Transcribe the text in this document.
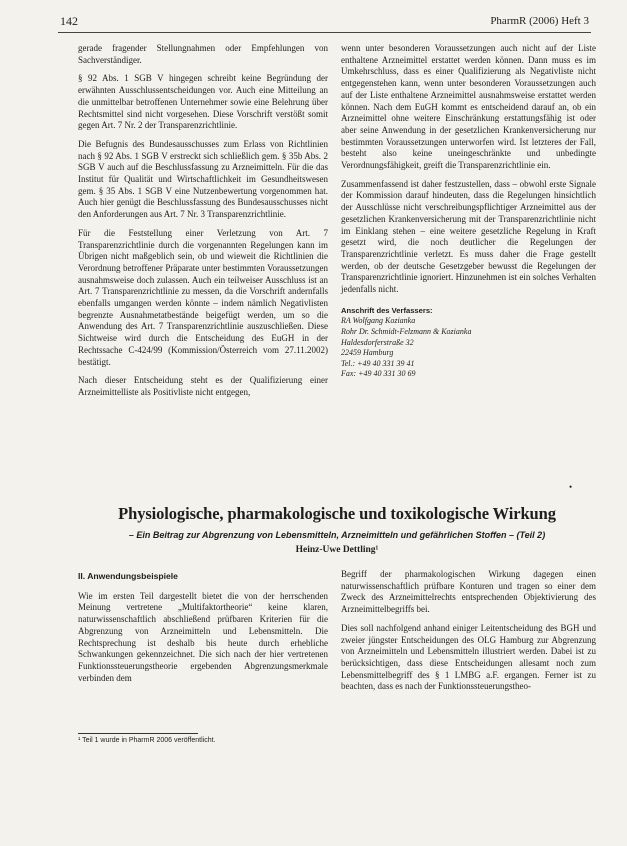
142	PharmR (2006) Heft 3

gerade fragender Stellungnahmen oder Empfehlungen von Sachverständiger.

§ 92 Abs. 1 SGB V hingegen schreibt keine Begründung der erwähnten Ausschlussentscheidungen vor. Auch eine Mitteilung an die unmittelbar betroffenen Unternehmer sowie eine Belehrung über Rechtsmittel sind nicht vorgesehen. Diese Vorschrift verstößt somit gegen Art. 7 Nr. 2 der Transparenzrichtlinie.

Die Befugnis des Bundesausschusses zum Erlass von Richtlinien nach § 92 Abs. 1 SGB V erstreckt sich schließlich gem. § 35b Abs. 2 SGB V auch auf die Beschlussfassung zu Arzneimitteln. Für die das Institut für Qualität und Wirtschaftlichkeit im Gesundheitswesen gem. § 35 Abs. 1 SGB V eine Nutzenbewertung vorgenommen hat. Auch hier genügt die Beschlussfassung des Bundesausschusses nicht den Anforderungen aus Art. 7 Nr. 3 Transparenzrichtlinie.

Für die Feststellung einer Verletzung von Art. 7 Transparenzrichtlinie durch die vorgenannten Regelungen kann im Übrigen nicht maßgeblich sein, ob und wieweit die Richtlinien die Verordnung betroffener Präparate unter bestimmten Voraussetzungen ausnahmsweise doch zulassen. Auch ein teilweiser Ausschluss ist an Art. 7 Transparenzrichtlinie zu messen, da die Vorschrift andernfalls ebenfalls umgangen werden könnte – indem nämlich Negativlisten begrenzte Ausnahmetatbestände beigefügt werden, um so die Anwendung des Art. 7 Transparenzrichtlinie auszuschließen. Diese Sichtweise wird durch die Entscheidung des EuGH in der Rechtssache C-424/99 (Kommission/Österreich vom 27.11.2002) bestätigt.

Nach dieser Entscheidung steht es der Qualifizierung einer Arzneimittelliste als Positivliste nicht entgegen,

wenn unter besonderen Voraussetzungen auch nicht auf der Liste enthaltene Arzneimittel erstattet werden können. Dann muss es im Umkehrschluss, dass es einer Qualifizierung als Negativliste nicht entgegenstehen kann, wenn unter besonderen Voraussetzungen auch auf der Liste enthaltene Arzneimittel ausnahmsweise erstattet werden können. Nach dem EuGH kommt es entscheidend darauf an, ob ein Arzneimittel ohne weitere Einschränkung erstattungsfähig ist oder aber seine Anwendung in der gesetzlichen Krankenversicherung nur bestimmten Voraussetzungen unterworfen wird. Ist letzteres der Fall, besteht also keine uneingeschränkte und unbedingte Verordnungsfähigkeit, greift die Transparenzrichtlinie ein.

Zusammenfassend ist daher festzustellen, dass – obwohl erste Signale der Kommission darauf hindeuten, dass die Regelungen hinsichtlich der Ausschlüsse nicht verschreibungspflichtiger Arzneimittel aus der gesetzlichen Krankenversicherung mit der Transparenzrichtlinie nicht im Einklang stehen – eine weitere gesetzliche Regelung in Kraft gesetzt wird, die noch deutlicher die Regelungen der Transparenzrichtlinie verletzt. Es muss daher die Frage gestellt werden, ob der deutsche Gesetzgeber bewusst die Regelungen der Transparenzrichtlinie ignoriert. Hinzunehmen ist ein solches Verhalten jedenfalls nicht.

Anschrift des Verfassers:
RA Wolfgang Kozianka
Rohr Dr. Schmidt-Felzmann & Kozianka
Haldesdorferstraße 32
22459 Hamburg
Tel.: +49 40 331 39 41
Fax: +49 40 331 30 69
•
Physiologische, pharmakologische und toxikologische Wirkung
– Ein Beitrag zur Abgrenzung von Lebensmitteln, Arzneimitteln und gefährlichen Stoffen – (Teil 2)
Heinz-Uwe Dettling¹
II. Anwendungsbeispiele

Wie im ersten Teil dargestellt bietet die von der herrschenden Meinung vertretene „Multifaktortheorie“ keine klaren, naturwissenschaftlich abschließend prüfbaren Kriterien für die Abgrenzung von Arzneimitteln und Lebensmitteln. Die Rechtsprechung ist deshalb bis heute durch erhebliche Schwankungen gekennzeichnet. Die sich nach der hier vertretenen Funktionssteuerungstheorie ergebenden Abgrenzungsmerkmale verbinden dem

Begriff der pharmakologischen Wirkung dagegen einen naturwissenschaftlich prüfbare Konturen und tragen so einer dem Zweck des Arzneimittelrechts entsprechenden Objektivierung des Arzneimittelbegriffs bei.

Dies soll nachfolgend anhand einiger Leitentscheidung des BGH und zweier jüngster Entscheidungen des OLG Hamburg zur Abgrenzung von Arzneimitteln und Lebensmitteln illustriert werden. Dabei ist zu berücksichtigen, dass diese Entscheidungen allesamt noch zum Lebensmittelbegriff des § 1 LMBG a.F. ergangen. Ferner ist zu beachten, dass es nach der Funktionssteuerungstheo-

¹ Teil 1 wurde in PharmR 2006 veröffentlicht.
